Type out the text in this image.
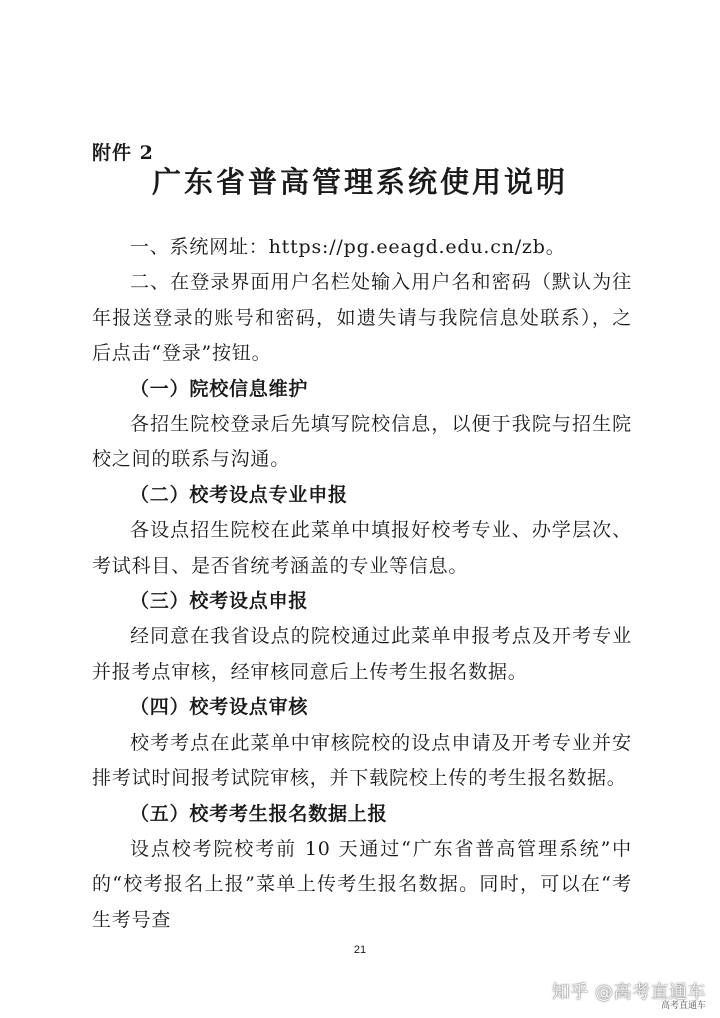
附件 2
广东省普高管理系统使用说明

一、系统网址：https://pg.eeagd.edu.cn/zb。

二、在登录界面用户名栏处输入用户名和密码（默认为往年报送登录的账号和密码，如遗失请与我院信息处联系），之后点击“登录”按钮。

（一）院校信息维护

各招生院校登录后先填写院校信息，以便于我院与招生院校之间的联系与沟通。

（二）校考设点专业申报

各设点招生院校在此菜单中填报好校考专业、办学层次、考试科目、是否省统考涵盖的专业等信息。

（三）校考设点申报

经同意在我省设点的院校通过此菜单申报考点及开考专业并报考点审核，经审核同意后上传考生报名数据。

（四）校考设点审核

校考考点在此菜单中审核院校的设点申请及开考专业并安排考试时间报考试院审核，并下载院校上传的考生报名数据。

（五）校考考生报名数据上报

设点校考院校考前 10 天通过“广东省普高管理系统”中的“校考报名上报”菜单上传考生报名数据。同时，可以在“考生考号查

21
知乎 @高考直通车
高考直通车
